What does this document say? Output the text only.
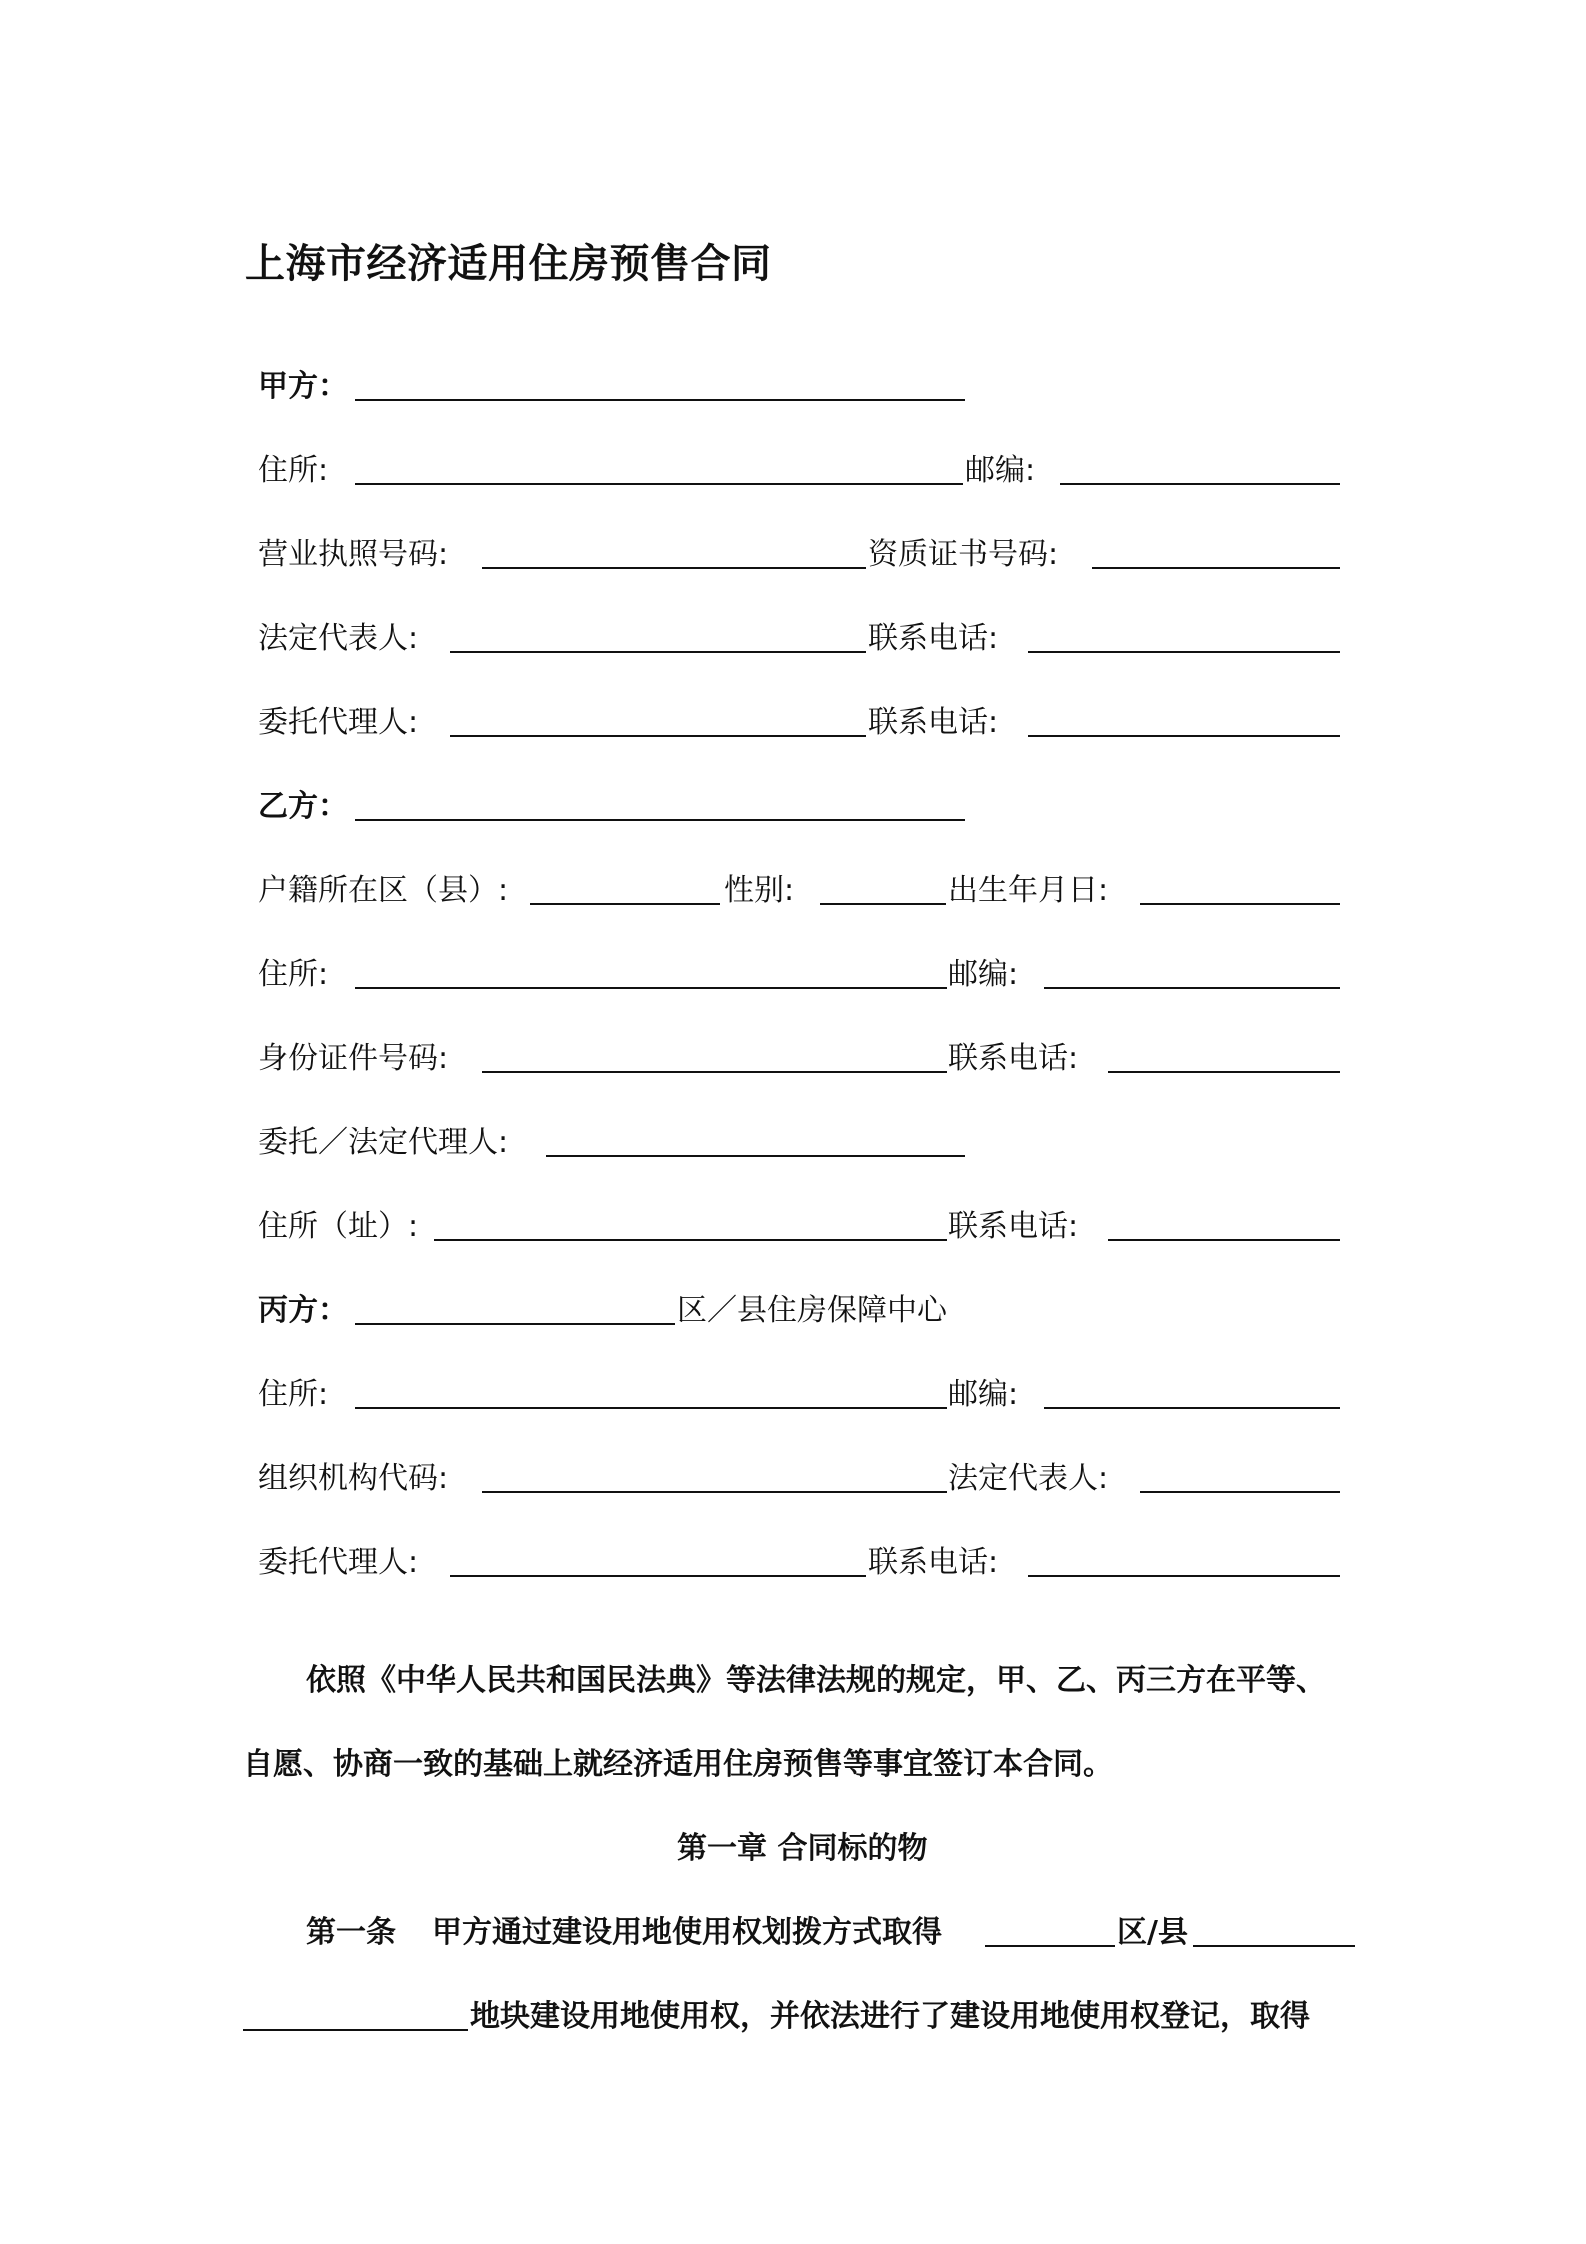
上海市经济适用住房预售合同
甲方：
住所:	邮编:
营业执照号码:	资质证书号码:
法定代表人:	联系电话:
委托代理人:	联系电话:
乙方：
户籍所在区（县）:	性别:	出生年月日:
住所:	邮编:
身份证件号码:	联系电话:
委托／法定代理人:
住所（址）:	联系电话:
丙方：	区／县住房保障中心
住所:	邮编:
组织机构代码:	法定代表人:
委托代理人:	联系电话:
依照《中华人民共和国民法典》等法律法规的规定，甲、乙、丙三方在平等、
自愿、协商一致的基础上就经济适用住房预售等事宜签订本合同。
第一章 合同标的物
第一条 甲方通过建设用地使用权划拨方式取得	区/县
地块建设用地使用权，并依法进行了建设用地使用权登记，取得
